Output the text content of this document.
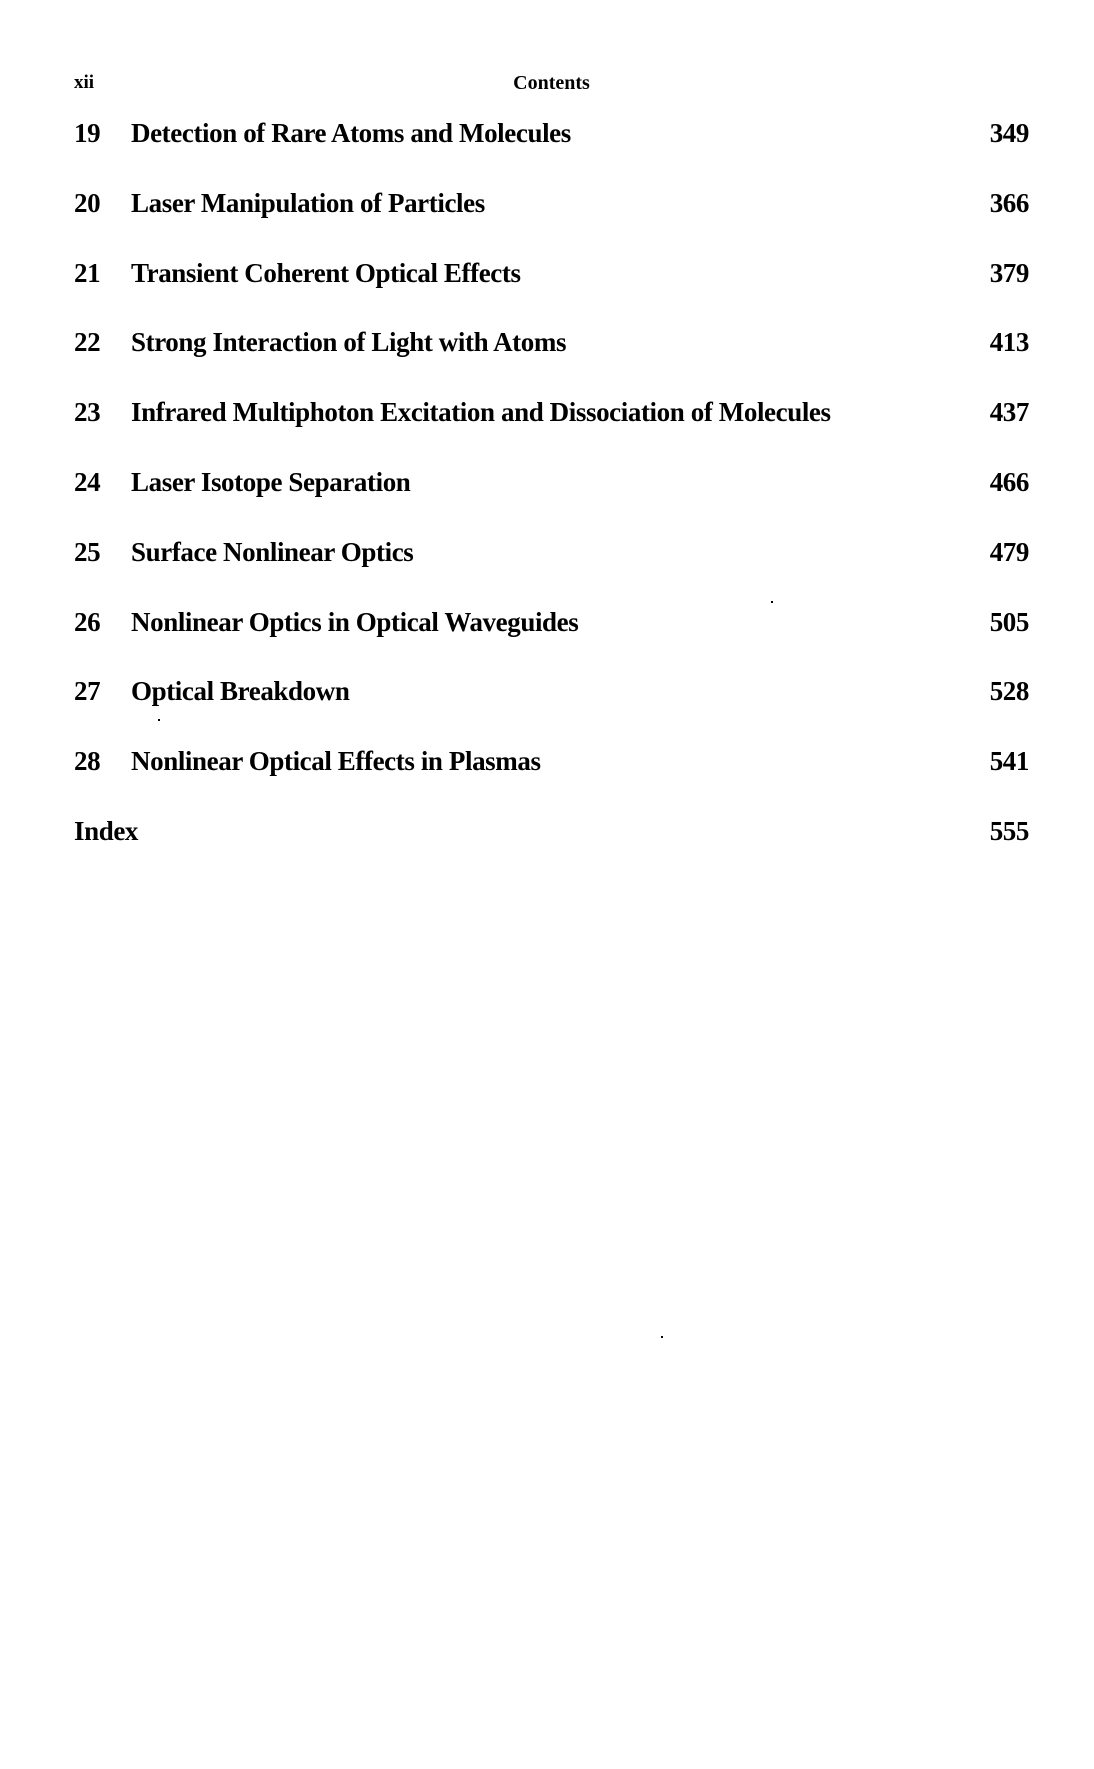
xii	Contents
19	Detection of Rare Atoms and Molecules	349
20	Laser Manipulation of Particles	366
21	Transient Coherent Optical Effects	379
22	Strong Interaction of Light with Atoms	413
23	Infrared Multiphoton Excitation and Dissociation of Molecules	437
24	Laser Isotope Separation	466
25	Surface Nonlinear Optics	479
26	Nonlinear Optics in Optical Waveguides	505
27	Optical Breakdown	528
28	Nonlinear Optical Effects in Plasmas	541
Index	555
